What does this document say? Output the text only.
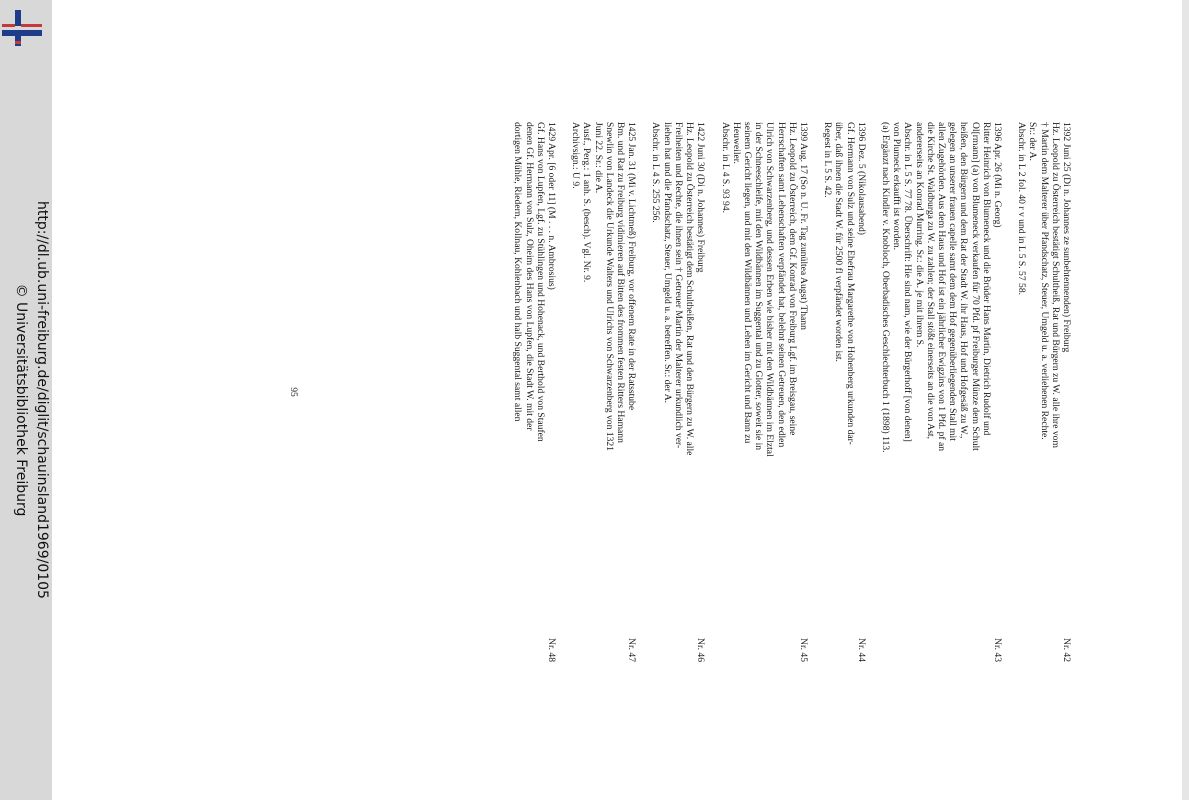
http://dl.ub.uni-freiburg.de/diglit/schauinsland1969/0105
© Universitätsbibliothek Freiburg
1392 Juni 25 (Di n. Johannes ze sunbehtennenden) Freiburg
Nr. 42
Hz. Leopold zu Österreich bestätigt Schultheiß, Rat und Bürgern zu W. alle ihre vom
† Martin dem Malterer über Pfandschatz, Steuer, Umgeld u. a. verliehenen Rechte.
Sr.: der A.
Abschr. in L 2 fol. 40 r v und in L 5 S. 57 58.
1396 Apr. 26 (Mi n. Georg)
Nr. 43
Ritter Heinrich von Blumeneck und die Brüder Hans Martin, Dietrich Rudolf und
Ol[rmann] (a) von Blumeneck verkaufen für 70 Pfd. pf Freiburger Münze dem Schult
heißen, den Bürgern und dem Rat der Stadt W. ihr Haus, Hof und Hofgesäß zu W.,
gelegen an unserer frauen capelle samt dem dem Hof gegenüberliegenden Stall mit
allen Zugehörden. Aus dem Haus und Hof ist ein jährlicher Ewigzins von 1 Pfd. pf an
die Kirche St. Waldburga zu W. zu zahlen; der Stall stößt einerseits an die von Ast,
andererseits an Konrad Murring. Sr.: die A. je mit ihrem S.
Abschr. in L 5 S. 77 78. Überschrift: Hie sind nam, wie der Bürgerhoff [von denen]
von Plumeck erkaufft ist worden.
(a) Ergänzt nach Kindler v. Knobloch, Oberbadisches Geschlechterbuch 1 (1898) 113.
1396 Dez. 5 (Nikolausabend)
Nr. 44
Gf. Hermann von Sulz und seine Ehefrau Margarethe von Hohenberg urkunden dar-
über, daß ihnen die Stadt W. für 2500 fl verpfändet worden ist.
Regest in L 5 S. 42.
1399 Aug. 17 (So n. U. Fr. Tag zunültea Augst) Thann
Nr. 45
Hz. Leopold zu Österreich, dem Gf. Konrad von Freiburg Lgf. im Breisgau, seine
Herrschaften samt Lehenschaften verpfändet hat, belehnt seinen Getreuen, den edlen
Ulrich von Schwarzenberg, und dessen Erben wie bisher mit den Wildbännen im Elztal
in der Schneeschleife, mit den Wildbännen im Suggental und zu Glotter, soweit sie in
seinem Gericht liegen, und mit den Wildbännen und Lehen im Gericht und Bann zu
Heuweiler.
Abschr. in L 4 S. 93 94.
1422 Juni 30 (Di n. Johannes) Freiburg
Nr. 46
Hz. Leopold zu Österreich bestätigt dem Schultheißen, Rat und den Bürgern zu W. alle
Freiheiten und Rechte, die ihnen sein † Getreuer Martin der Malterer urkundlich ver-
liehen hat und die Pfandschatz, Steuer, Umgeld u. a. betreffen. Sr.: der A.
Abschr. in L 4 S. 255 256.
1425 Jan. 31 (Mi v. Lichtmeß) Freiburg, vor offenem Rate in der Ratsstube
Nr. 47
Bm. und Rat zu Freiburg vidimieren auf Bitten des frommen festen Ritters Hamann
Snewlin von Landeck die Urkunde Walters und Ulrichs von Schwarzenberg von 1321
Juni 22. Sr.: die A.
Ausf., Perg.: 1 anh. S. (besch). Vgl. Nr. 9.
Archivsign.: U 9.
1429 Apr. [6 oder 11] (M . . . n. Ambrosius)
Nr. 48
Gf. Hans von Lupfen, Lgf. zu Stühlingen und Hohenack, und Berthold von Staufen
denen Gf. Hermann von Sulz, Oheim des Hans von Lupfen, die Stadt W. mit der
dortigen Mühle, Riedern, Kollnau, Kohlenbach und halb Suggental samt allen
95
